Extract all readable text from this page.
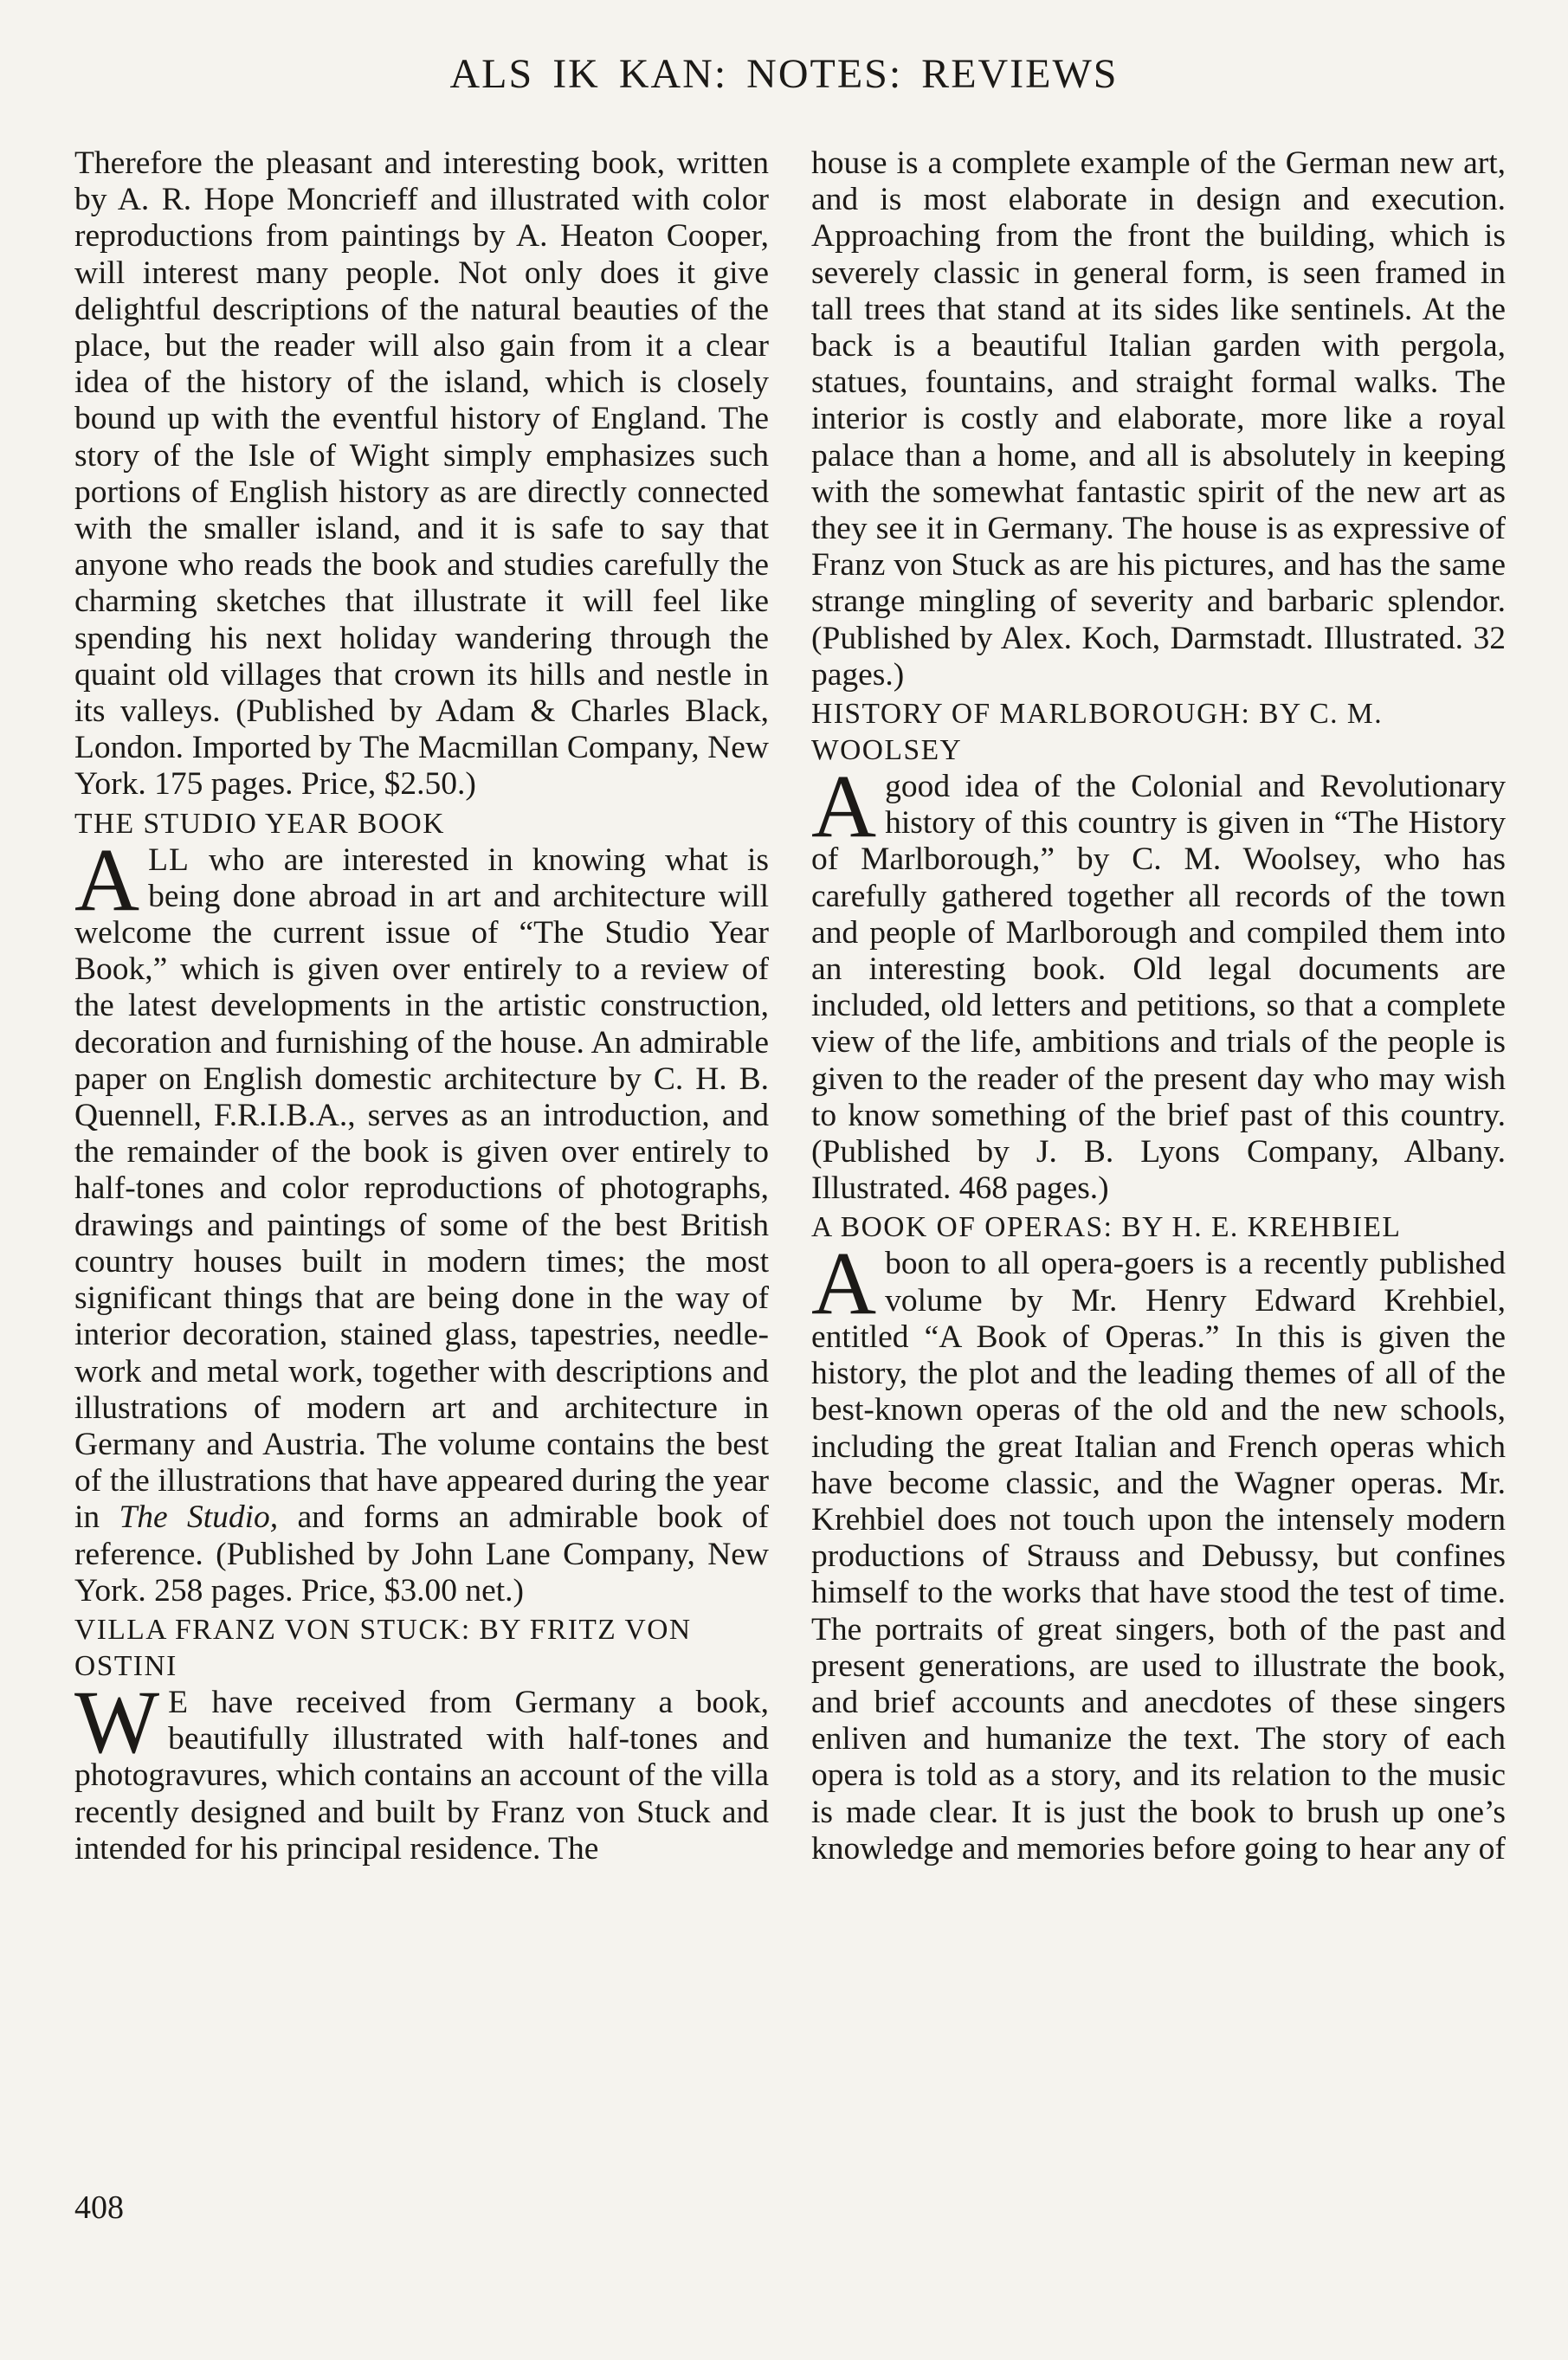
ALS IK KAN: NOTES: REVIEWS

Therefore the pleasant and interesting book, written by A. R. Hope Moncrieff and illustrated with color reproductions from paintings by A. Heaton Cooper, will interest many people. Not only does it give delightful descriptions of the natural beauties of the place, but the reader will also gain from it a clear idea of the history of the island, which is closely bound up with the eventful history of England. The story of the Isle of Wight simply emphasizes such portions of English history as are directly connected with the smaller island, and it is safe to say that anyone who reads the book and studies carefully the charming sketches that illustrate it will feel like spending his next holiday wandering through the quaint old villages that crown its hills and nestle in its valleys. (Published by Adam & Charles Black, London. Imported by The Macmillan Company, New York. 175 pages. Price, $2.50.)

THE STUDIO YEAR BOOK

ALL who are interested in knowing what is being done abroad in art and architecture will welcome the current issue of “The Studio Year Book,” which is given over entirely to a review of the latest developments in the artistic construction, decoration and furnishing of the house. An admirable paper on English domestic architecture by C. H. B. Quennell, F.R.I.B.A., serves as an introduction, and the remainder of the book is given over entirely to half-tones and color reproductions of photographs, drawings and paintings of some of the best British country houses built in modern times; the most significant things that are being done in the way of interior decoration, stained glass, tapestries, needlework and metal work, together with descriptions and illustrations of modern art and architecture in Germany and Austria. The volume contains the best of the illustrations that have appeared during the year in The Studio, and forms an admirable book of reference. (Published by John Lane Company, New York. 258 pages. Price, $3.00 net.)

VILLA FRANZ VON STUCK: BY FRITZ VON OSTINI

W E have received from Germany a book, beautifully illustrated with half-tones and photogravures, which contains an account of the villa recently designed and built by Franz von Stuck and intended for his principal residence. The

house is a complete example of the German new art, and is most elaborate in design and execution. Approaching from the front the building, which is severely classic in general form, is seen framed in tall trees that stand at its sides like sentinels. At the back is a beautiful Italian garden with pergola, statues, fountains, and straight formal walks. The interior is costly and elaborate, more like a royal palace than a home, and all is absolutely in keeping with the somewhat fantastic spirit of the new art as they see it in Germany. The house is as expressive of Franz von Stuck as are his pictures, and has the same strange mingling of severity and barbaric splendor. (Published by Alex. Koch, Darmstadt. Illustrated. 32 pages.)

HISTORY OF MARLBOROUGH: BY C. M. WOOLSEY

A good idea of the Colonial and Revolutionary history of this country is given in “The History of Marlborough,” by C. M. Woolsey, who has carefully gathered together all records of the town and people of Marlborough and compiled them into an interesting book. Old legal documents are included, old letters and petitions, so that a complete view of the life, ambitions and trials of the people is given to the reader of the present day who may wish to know something of the brief past of this country. (Published by J. B. Lyons Company, Albany. Illustrated. 468 pages.)

A BOOK OF OPERAS: BY H. E. KREHBIEL

A boon to all opera-goers is a recently published volume by Mr. Henry Edward Krehbiel, entitled “A Book of Operas.” In this is given the history, the plot and the leading themes of all of the best-known operas of the old and the new schools, including the great Italian and French operas which have become classic, and the Wagner operas. Mr. Krehbiel does not touch upon the intensely modern productions of Strauss and Debussy, but confines himself to the works that have stood the test of time. The portraits of great singers, both of the past and present generations, are used to illustrate the book, and brief accounts and anecdotes of these singers enliven and humanize the text. The story of each opera is told as a story, and its relation to the music is made clear. It is just the book to brush up one’s knowledge and memories before going to hear any of

408
